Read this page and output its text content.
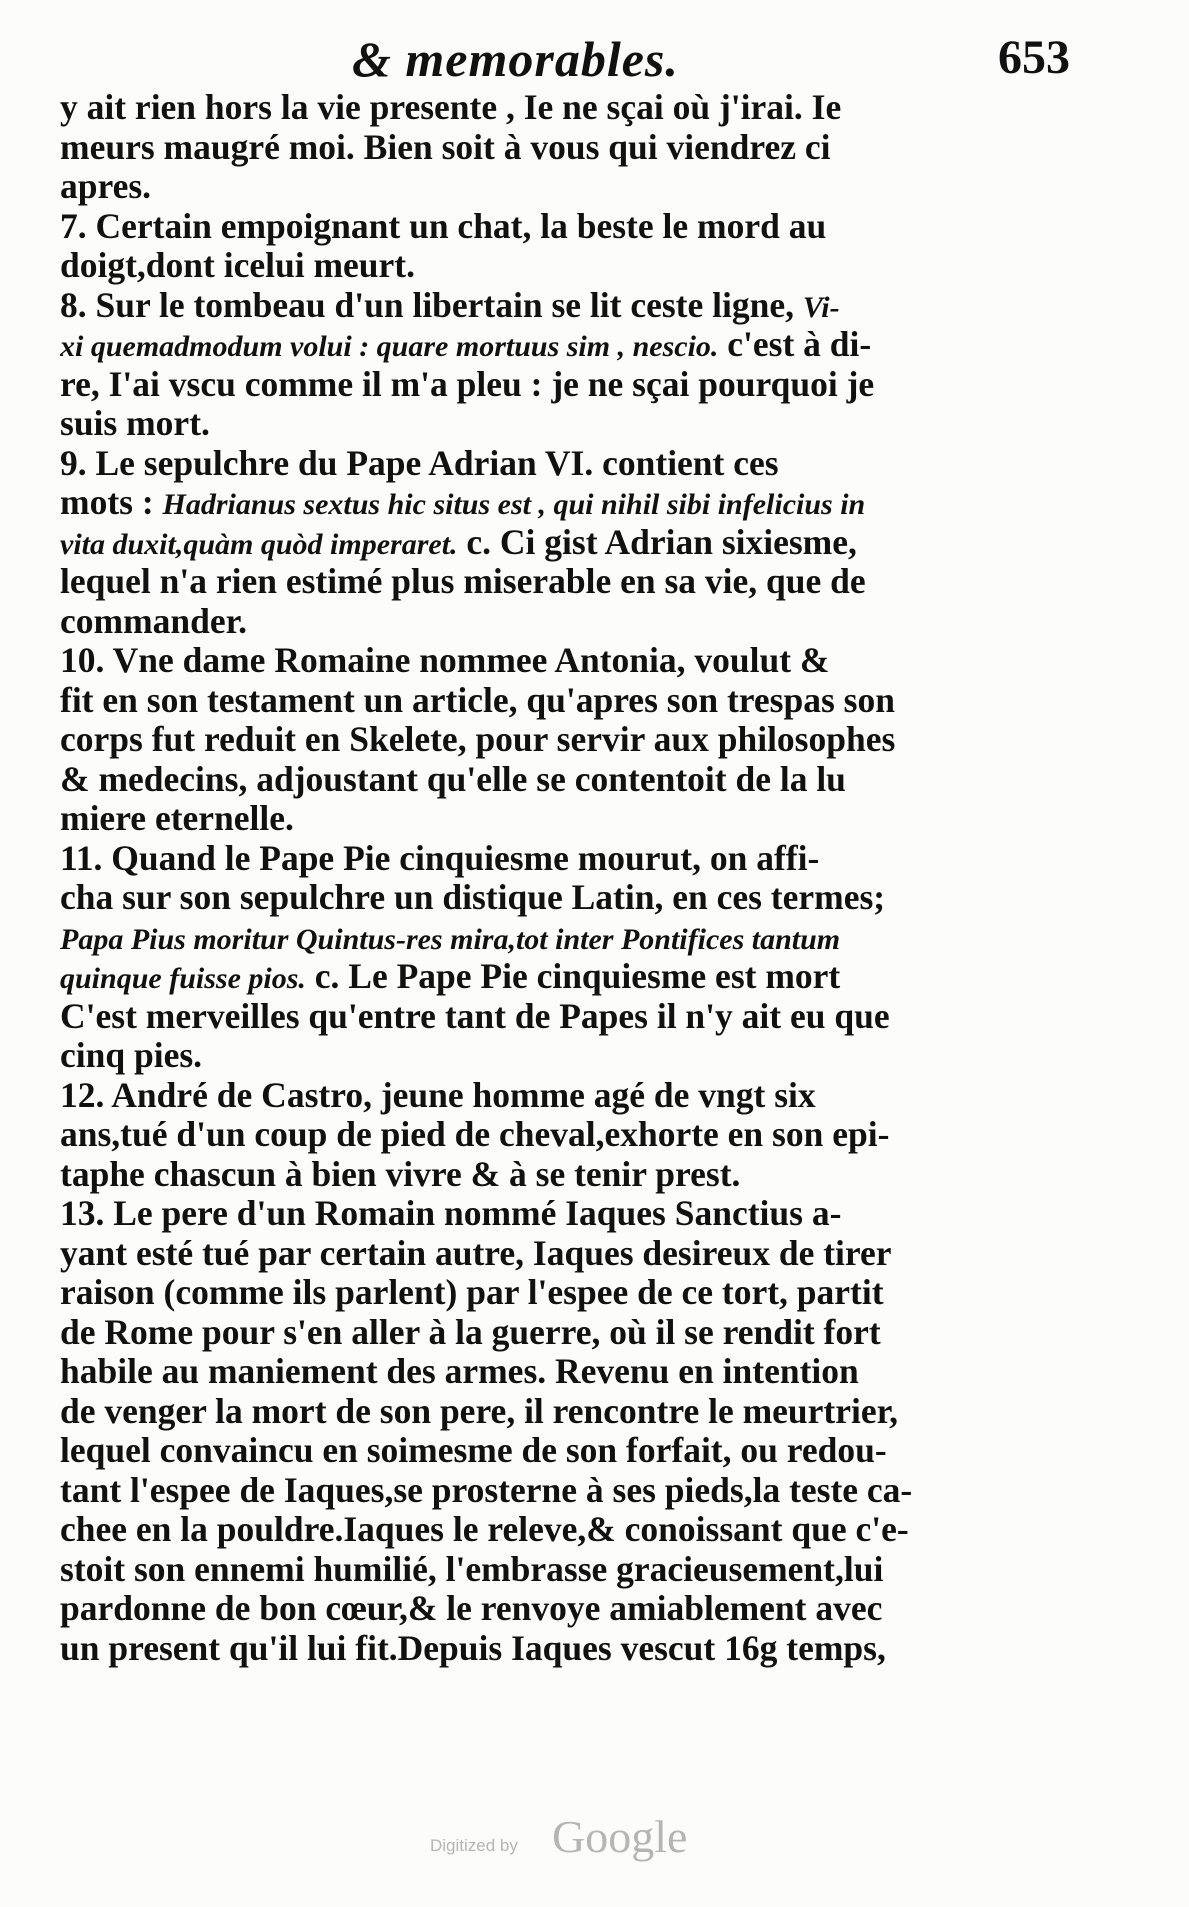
& memorables.	653
y ait rien hors la vie presente , Ie ne sçai où j'irai. Ie
meurs maugré moi. Bien soit à vous qui viendrez ci
apres.
7. Certain empoignant un chat, la beste le mord au
doigt,dont icelui meurt.
8. Sur le tombeau d'un libertain se lit ceste ligne, Vi-
xi quemadmodum volui : quare mortuus sim , nescio. c'est à di-
re, I'ai vscu comme il m'a pleu : je ne sçai pourquoi je
suis mort.
9. Le sepulchre du Pape Adrian VI. contient ces
mots : Hadrianus sextus hic situs est , qui nihil sibi infelicius in
vita duxit,quàm quòd imperaret. c. Ci gist Adrian sixiesme,
lequel n'a rien estimé plus miserable en sa vie, que de
commander.
10. Vne dame Romaine nommee Antonia, voulut &
fit en son testament un article, qu'apres son trespas son
corps fut reduit en Skelete, pour servir aux philosophes
& medecins, adjoustant qu'elle se contentoit de la lu
miere eternelle.
11. Quand le Pape Pie cinquiesme mourut, on affi-
cha sur son sepulchre un distique Latin, en ces termes;
Papa Pius moritur Quintus-res mira,tot inter Pontifices tantum
quinque fuisse pios. c. Le Pape Pie cinquiesme est mort
C'est merveilles qu'entre tant de Papes il n'y ait eu que
cinq pies.
12. André de Castro, jeune homme agé de vngt six
ans,tué d'un coup de pied de cheval,exhorte en son epi-
taphe chascun à bien vivre & à se tenir prest.
13. Le pere d'un Romain nommé Iaques Sanctius a-
yant esté tué par certain autre, Iaques desireux de tirer
raison (comme ils parlent) par l'espee de ce tort, partit
de Rome pour s'en aller à la guerre, où il se rendit fort
habile au maniement des armes. Revenu en intention
de venger la mort de son pere, il rencontre le meurtrier,
lequel convaincu en soimesme de son forfait, ou redou-
tant l'espee de Iaques,se prosterne à ses pieds,la teste ca-
chee en la pouldre.Iaques le releve,& conoissant que c'e-
stoit son ennemi humilié, l'embrasse gracieusement,lui
pardonne de bon cœur,& le renvoye amiablement avec
un present qu'il lui fit.Depuis Iaques vescut 16g temps,
Digitized by Google
